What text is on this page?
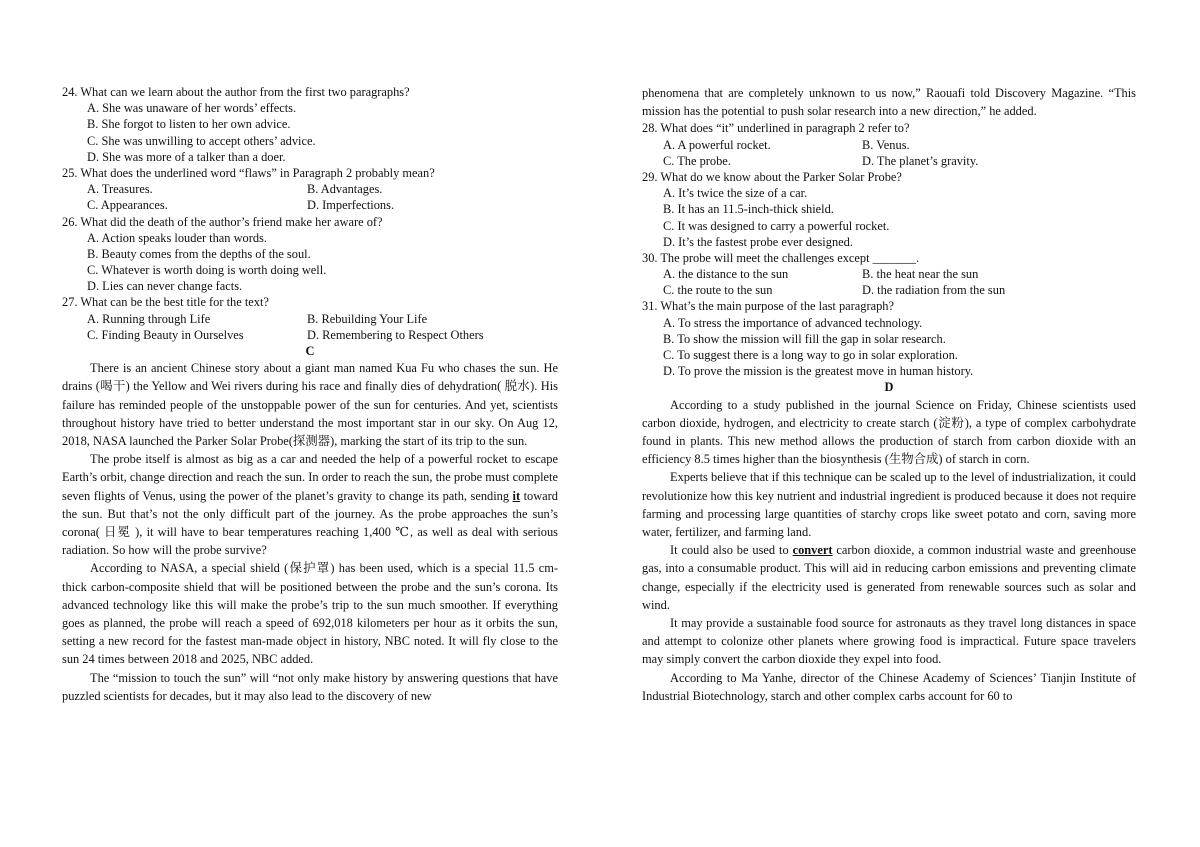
24. What can we learn about the author from the first two paragraphs?
A. She was unaware of her words’ effects.
B. She forgot to listen to her own advice.
C. She was unwilling to accept others’ advice.
D. She was more of a talker than a doer.
25. What does the underlined word “flaws” in Paragraph 2 probably mean?
A. Treasures.	B. Advantages.
C. Appearances.	D. Imperfections.
26. What did the death of the author’s friend make her aware of?
A. Action speaks louder than words.
B. Beauty comes from the depths of the soul.
C. Whatever is worth doing is worth doing well.
D. Lies can never change facts.
27. What can be the best title for the text?
A. Running through Life	B. Rebuilding Your Life
C. Finding Beauty in Ourselves	D. Remembering to Respect Others
C

There is an ancient Chinese story about a giant man named Kua Fu who chases the sun. He drains (喝干) the Yellow and Wei rivers during his race and finally dies of dehydration( 脱水). His failure has reminded people of the unstoppable power of the sun for centuries. And yet, scientists throughout history have tried to better understand the most important star in our sky. On Aug 12, 2018, NASA launched the Parker Solar Probe(探测器), marking the start of its trip to the sun.

The probe itself is almost as big as a car and needed the help of a powerful rocket to escape Earth’s orbit, change direction and reach the sun. In order to reach the sun, the probe must complete seven flights of Venus, using the power of the planet’s gravity to change its path, sending it toward the sun. But that’s not the only difficult part of the journey. As the probe approaches the sun’s corona( 日冕 ), it will have to bear temperatures reaching 1,400 ℃, as well as deal with serious radiation. So how will the probe survive?

According to NASA, a special shield (保护罩) has been used, which is a special 11.5 cm-thick carbon-composite shield that will be positioned between the probe and the sun’s corona. Its advanced technology like this will make the probe’s trip to the sun much smoother. If everything goes as planned, the probe will reach a speed of 692,018 kilometers per hour as it orbits the sun, setting a new record for the fastest man-made object in history, NBC noted. It will fly close to the sun 24 times between 2018 and 2025, NBC added.

The “mission to touch the sun” will “not only make history by answering questions that have puzzled scientists for decades, but it may also lead to the discovery of new

phenomena that are completely unknown to us now,” Raouafi told Discovery Magazine. “This mission has the potential to push solar research into a new direction,” he added.

28. What does “it” underlined in paragraph 2 refer to?
A. A powerful rocket.	B. Venus.
C. The probe.	D. The planet’s gravity.
29. What do we know about the Parker Solar Probe?
A. It’s twice the size of a car.
B. It has an 11.5-inch-thick shield.
C. It was designed to carry a powerful rocket.
D. It’s the fastest probe ever designed.
30. The probe will meet the challenges except _______.
A. the distance to the sun	B. the heat near the sun
C. the route to the sun	D. the radiation from the sun
31. What’s the main purpose of the last paragraph?
A. To stress the importance of advanced technology.
B. To show the mission will fill the gap in solar research.
C. To suggest there is a long way to go in solar exploration.
D. To prove the mission is the greatest move in human history.
D

According to a study published in the journal Science on Friday, Chinese scientists used carbon dioxide, hydrogen, and electricity to create starch (淀粉), a type of complex carbohydrate found in plants. This new method allows the production of starch from carbon dioxide with an efficiency 8.5 times higher than the biosynthesis (生物合成) of starch in corn.

Experts believe that if this technique can be scaled up to the level of industrialization, it could revolutionize how this key nutrient and industrial ingredient is produced because it does not require farming and processing large quantities of starchy crops like sweet potato and corn, saving more water, fertilizer, and farming land.

It could also be used to convert carbon dioxide, a common industrial waste and greenhouse gas, into a consumable product. This will aid in reducing carbon emissions and preventing climate change, especially if the electricity used is generated from renewable sources such as solar and wind.

It may provide a sustainable food source for astronauts as they travel long distances in space and attempt to colonize other planets where growing food is impractical. Future space travelers may simply convert the carbon dioxide they expel into food.

According to Ma Yanhe, director of the Chinese Academy of Sciences’ Tianjin Institute of Industrial Biotechnology, starch and other complex carbs account for 60 to
